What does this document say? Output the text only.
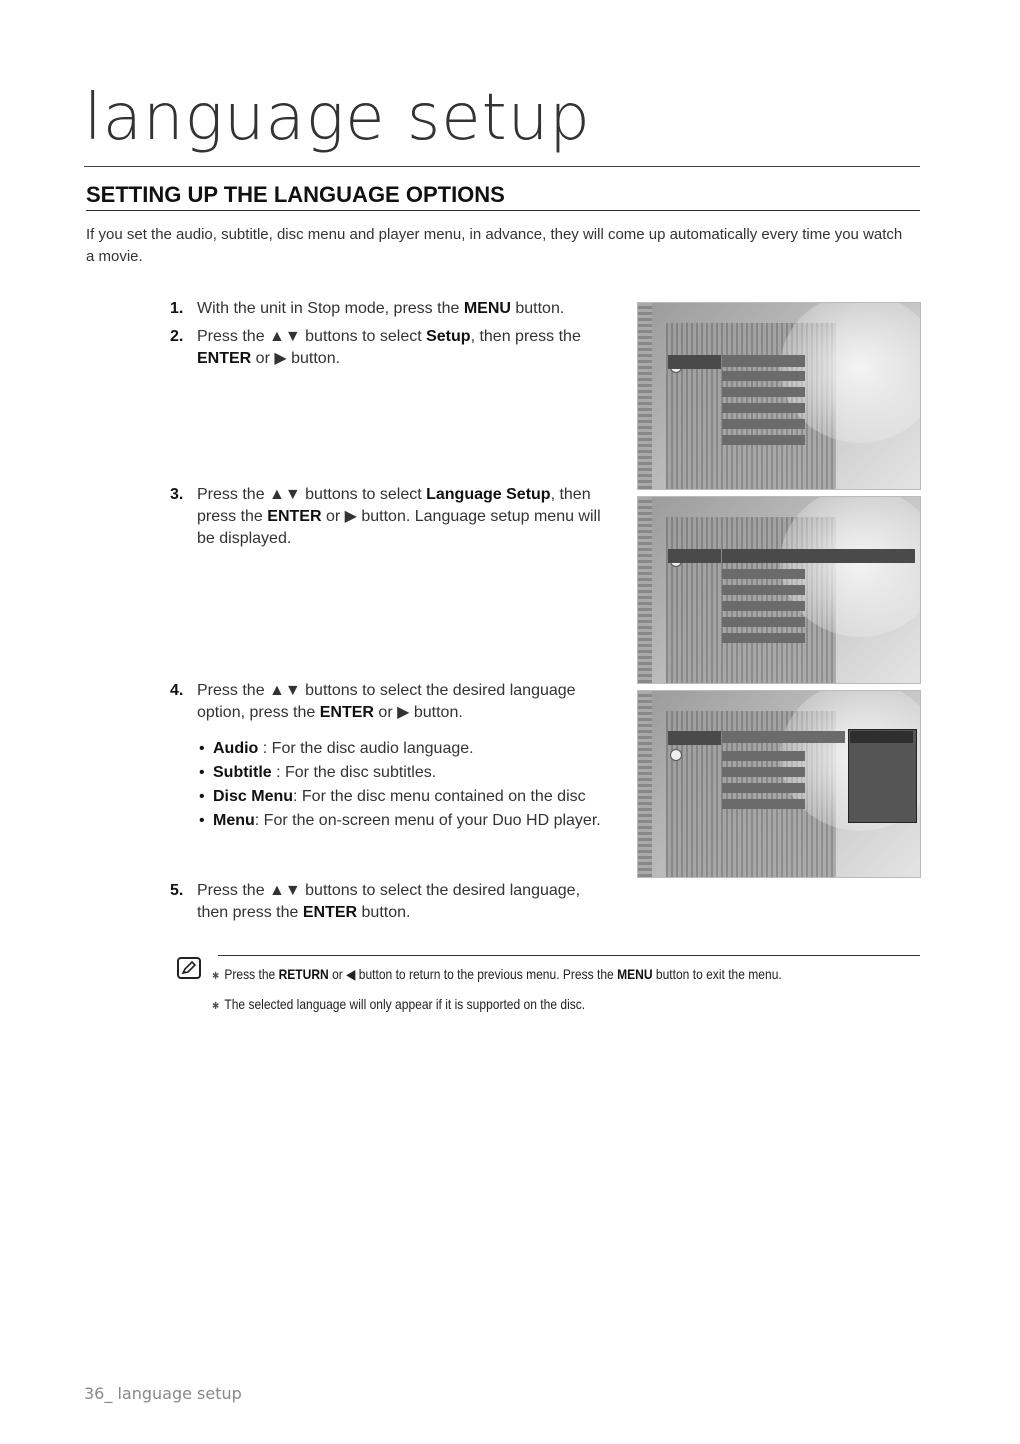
language setup
SETTING UP THE LANGUAGE OPTIONS
If you set the audio, subtitle, disc menu and player menu, in advance, they will come up automatically every time you watch a movie.
1. With the unit in Stop mode, press the MENU button.
2. Press the ▲▼ buttons to select Setup, then press the ENTER or ▶ button.
3. Press the ▲▼ buttons to select Language Setup, then press the ENTER or ▶ button. Language setup menu will be displayed.
4. Press the ▲▼ buttons to select the desired language option, press the ENTER or ▶ button.
• Audio : For the disc audio language.
• Subtitle : For the disc subtitles.
• Disc Menu: For the disc menu contained on the disc
• Menu: For the on-screen menu of your Duo HD player.
5. Press the ▲▼ buttons to select the desired language, then press the ENTER button.
✱ Press the RETURN or ◀ button to return to the previous menu. Press the MENU button to exit the menu.
✱ The selected language will only appear if it is supported on the disc.
36_ language setup
